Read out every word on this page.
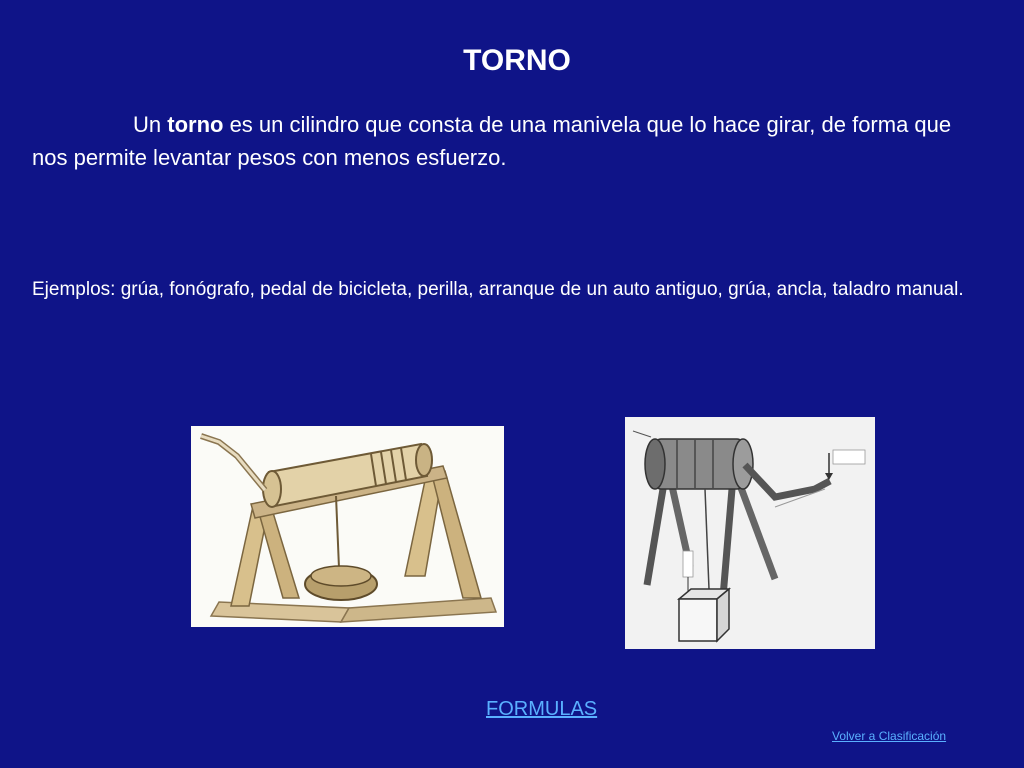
TORNO
Un torno es un cilindro que consta de una manivela que lo hace girar, de forma que nos permite levantar pesos con menos esfuerzo.
Ejemplos: grúa, fonógrafo, pedal de bicicleta, perilla, arranque de un auto antiguo, grúa, ancla, taladro manual.
FORMULAS
Volver a Clasificación
